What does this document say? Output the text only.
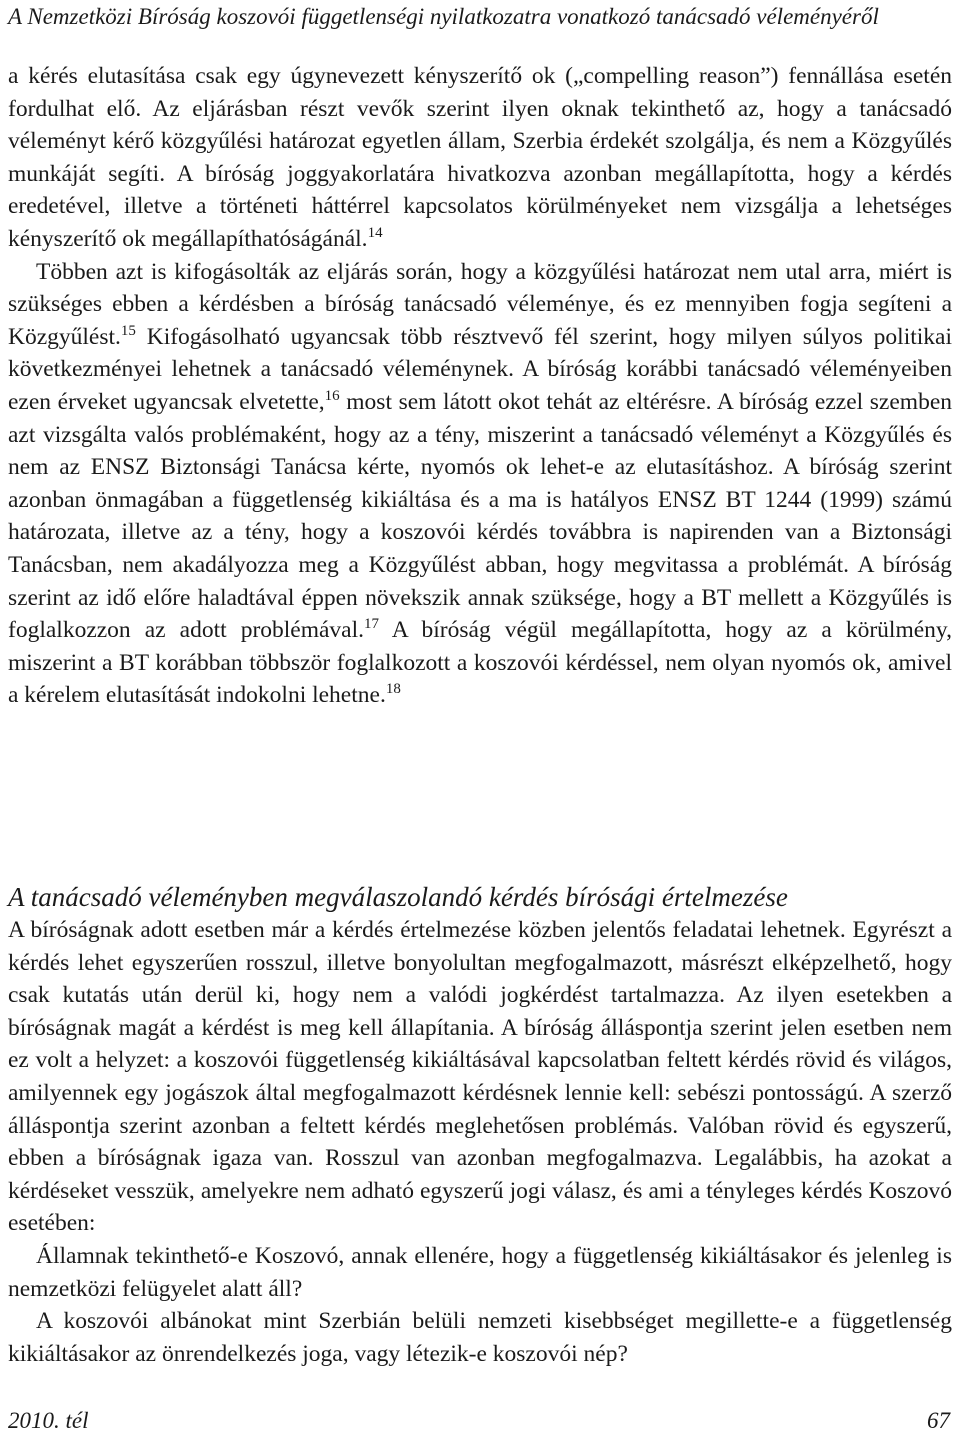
A Nemzetközi Bíróság koszovói függetlenségi nyilatkozatra vonatkozó tanácsadó véleményéről

a kérés elutasítása csak egy úgynevezett kényszerítő ok („compelling reason”) fennállása esetén fordulhat elő. Az eljárásban részt vevők szerint ilyen oknak tekinthető az, hogy a tanácsadó véleményt kérő közgyűlési határozat egyetlen állam, Szerbia érdekét szolgálja, és nem a Közgyűlés munkáját segíti. A bíróság joggyakorlatára hivatkozva azonban megállapította, hogy a kérdés eredetével, illetve a történeti háttérrel kapcsolatos körülményeket nem vizsgálja a lehetséges kényszerítő ok megállapíthatóságánál.$^{14}$

Többen azt is kifogásolták az eljárás során, hogy a közgyűlési határozat nem utal arra, miért is szükséges ebben a kérdésben a bíróság tanácsadó véleménye, és ez mennyiben fogja segíteni a Közgyűlést.$^{15}$ Kifogásolható ugyancsak több résztvevő fél szerint, hogy milyen súlyos politikai következményei lehetnek a tanácsadó véleménynek. A bíróság korábbi tanácsadó véleményeiben ezen érveket ugyancsak elvetette,$^{16}$ most sem látott okot tehát az eltérésre. A bíróság ezzel szemben azt vizsgálta valós problémaként, hogy az a tény, miszerint a tanácsadó véleményt a Közgyűlés és nem az ENSZ Biztonsági Tanácsa kérte, nyomós ok lehet-e az elutasításhoz. A bíróság szerint azonban önmagában a függetlenség kikiáltása és a ma is hatályos ENSZ BT 1244 (1999) számú határozata, illetve az a tény, hogy a koszovói kérdés továbbra is napirenden van a Biztonsági Tanácsban, nem akadályozza meg a Közgyűlést abban, hogy megvitassa a problémát. A bíróság szerint az idő előre haladtával éppen növekszik annak szüksége, hogy a BT mellett a Közgyűlés is foglalkozzon az adott problémával.$^{17}$ A bíróság végül megállapította, hogy az a körülmény, miszerint a BT korábban többször foglalkozott a koszovói kérdéssel, nem olyan nyomós ok, amivel a kérelem elutasítását indokolni lehetne.$^{18}$

A tanácsadó véleményben megválaszolandó kérdés bírósági értelmezése

A bíróságnak adott esetben már a kérdés értelmezése közben jelentős feladatai lehetnek. Egyrészt a kérdés lehet egyszerűen rosszul, illetve bonyolultan megfogalmazott, másrészt elképzelhető, hogy csak kutatás után derül ki, hogy nem a valódi jogkérdést tartalmazza. Az ilyen esetekben a bíróságnak magát a kérdést is meg kell állapítania. A bíróság álláspontja szerint jelen esetben nem ez volt a helyzet: a koszovói függetlenség kikiáltásával kapcsolatban feltett kérdés rövid és világos, amilyennek egy jogászok által megfogalmazott kérdésnek lennie kell: sebészi pontosságú. A szerző álláspontja szerint azonban a feltett kérdés meglehetősen problémás. Valóban rövid és egyszerű, ebben a bíróságnak igaza van. Rosszul van azonban megfogalmazva. Legalábbis, ha azokat a kérdéseket vesszük, amelyekre nem adható egyszerű jogi válasz, és ami a tényleges kérdés Koszovó esetében:

Államnak tekinthető-e Koszovó, annak ellenére, hogy a függetlenség kikiáltásakor és jelenleg is nemzetközi felügyelet alatt áll?

A koszovói albánokat mint Szerbián belüli nemzeti kisebbséget megillette-e a függetlenség kikiáltásakor az önrendelkezés joga, vagy létezik-e koszovói nép?

2010. tél	67
